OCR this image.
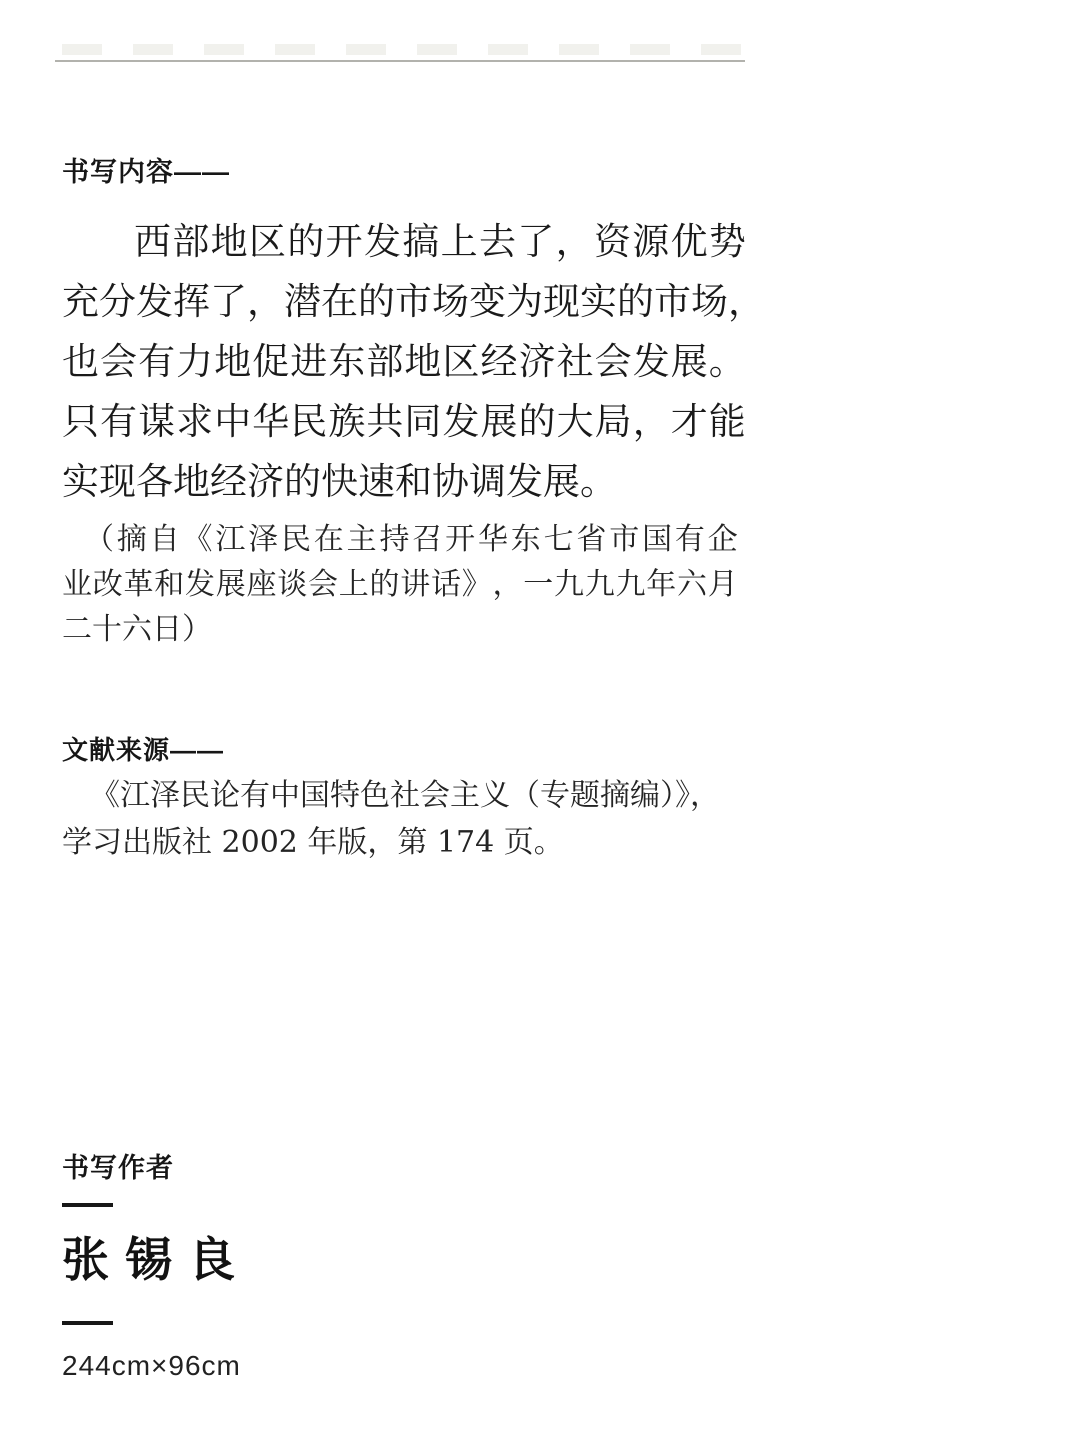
书写内容——
西 部 地 区 的 开 发 搞 上 去 了 ， 资 源 优 势
充 分 发 挥 了 ， 潜 在 的 市 场 变 为 现 实 的 市 场 ，
也 会 有 力 地 促 进 东 部 地 区 经 济 社 会 发 展 。
只 有 谋 求 中 华 民 族 共 同 发 展 的 大 局 ， 才 能
实现各地经济的快速和协调发展。
（ 摘 自 《 江 泽 民 在 主 持 召 开 华 东 七 省 市 国 有 企
业 改 革 和 发 展 座 谈 会 上 的 讲 话 》 ， 一 九 九 九 年 六 月
二十六日）
文献来源——
《江泽民论有中国特色社会主义（专题摘编）》，
学习出版社 2002 年版，第 174 页。
书写作者
张锡良
244cm×96cm
